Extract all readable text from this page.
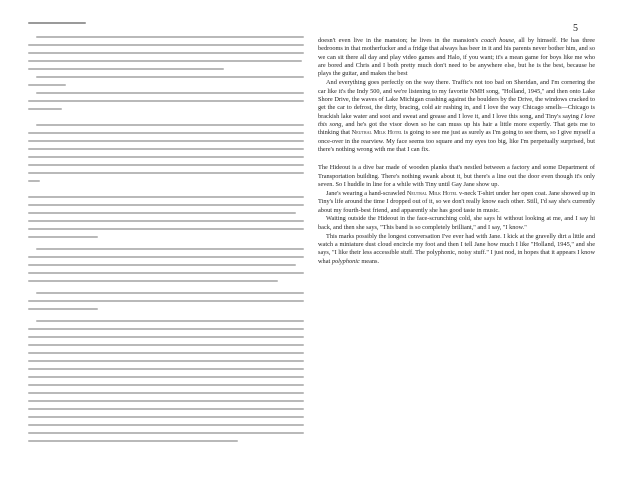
5

doesn't even live in the mansion; he lives in the mansion's coach house, all by himself. He has three bedrooms in that motherfucker and a fridge that always has beer in it and his parents never bother him, and so we can sit there all day and play video games and Halo, if you want; it's a mean game for boys like me who are bored and Chris and I both pretty much don't need to be anywhere else, but he is the best, because he plays the guitar, and makes the best

And everything goes perfectly on the way there. Traffic's not too bad on Sheridan, and I'm cornering the car like it's the Indy 500, and we're listening to my favorite NMH song, "Holland, 1945," and then onto Lake Shore Drive, the waves of Lake Michigan crashing against the boulders by the Drive, the windows cracked to get the car to defrost, the dirty, bracing, cold air rushing in, and I love the way Chicago smells—Chicago is brackish lake water and soot and sweat and grease and I love it, and I love this song, and Tiny's saying I love this song, and he's got the visor down so he can muss up his hair a little more expertly. That gets me to thinking that Neutral Milk Hotel is going to see me just as surely as I'm going to see them, so I give myself a once-over in the rearview. My face seems too square and my eyes too big, like I'm perpetually surprised, but there's nothing wrong with me that I can fix.

The Hideout is a dive bar made of wooden planks that's nestled between a factory and some Department of Transportation building. There's nothing swank about it, but there's a line out the door even though it's only seven. So I huddle in line for a while with Tiny until Gay Jane show up.

Jane's wearing a hand-scrawled Neutral Milk Hotel v-neck T-shirt under her open coat. Jane showed up in Tiny's life around the time I dropped out of it, so we don't really know each other. Still, I'd say she's currently about my fourth-best friend, and apparently she has good taste in music.

Waiting outside the Hideout in the face-scrunching cold, she says hi without looking at me, and I say hi back, and then she says, "This band is so completely brilliant," and I say, "I know."

This marks possibly the longest conversation I've ever had with Jane. I kick at the gravelly dirt a little and watch a miniature dust cloud encircle my foot and then I tell Jane how much I like "Holland, 1945," and she says, "I like their less accessible stuff. The polyphonic, noisy stuff." I just nod, in hopes that it appears I know what polyphonic means.
